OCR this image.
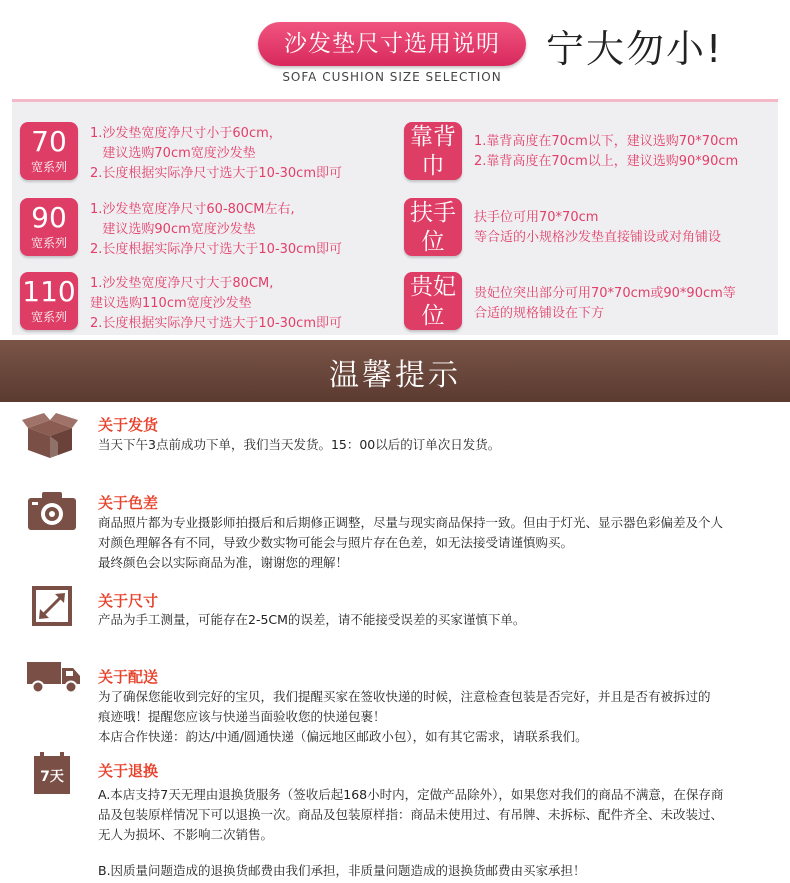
沙发垫尺寸选用说明	宁大勿小!
SOFA CUSHION SIZE SELECTION
70
宽系列
1.沙发垫宽度净尺寸小于60cm，
建议选购70cm宽度沙发垫
2.长度根据实际净尺寸选大于10-30cm即可
90
宽系列
1.沙发垫宽度净尺寸60-80CM左右,
建议选购90cm宽度沙发垫
2.长度根据实际净尺寸选大于10-30cm即可
110
宽系列
1.沙发垫宽度净尺寸大于80CM,
建议选购110cm宽度沙发垫
2.长度根据实际净尺寸选大于10-30cm即可
靠背
巾
1.靠背高度在70cm以下，建议选购70*70cm
2.靠背高度在70cm以上，建议选购90*90cm
扶手
位
扶手位可用70*70cm
等合适的小规格沙发垫直接铺设或对角铺设
贵妃
位
贵妃位突出部分可用70*70cm或90*90cm等
合适的规格铺设在下方
温馨提示
关于发货
当天下午3点前成功下单，我们当天发货。15：00以后的订单次日发货。
关于色差
商品照片都为专业摄影师拍摄后和后期修正调整，尽量与现实商品保持一致。但由于灯光、显示器色彩偏差及个人
对颜色理解各有不同，导致少数实物可能会与照片存在色差，如无法接受请谨慎购买。
最终颜色会以实际商品为准，谢谢您的理解！
关于尺寸
产品为手工测量，可能存在2-5CM的误差，请不能接受误差的买家谨慎下单。
关于配送
为了确保您能收到完好的宝贝，我们提醒买家在签收快递的时候，注意检查包装是否完好，并且是否有被拆过的
痕迹哦！提醒您应该与快递当面验收您的快递包裹！
本店合作快递：韵达/中通/圆通快递（偏远地区邮政小包），如有其它需求，请联系我们。
7天	关于退换
A.本店支持7天无理由退换货服务（签收后起168小时内，定做产品除外），如果您对我们的商品不满意，在保存商
品及包装原样情况下可以退换一次。商品及包装原样指：商品未使用过、有吊牌、未拆标、配件齐全、未改装过、
无人为损坏、不影响二次销售。
B.因质量问题造成的退换货邮费由我们承担，非质量问题造成的退换货邮费由买家承担！
